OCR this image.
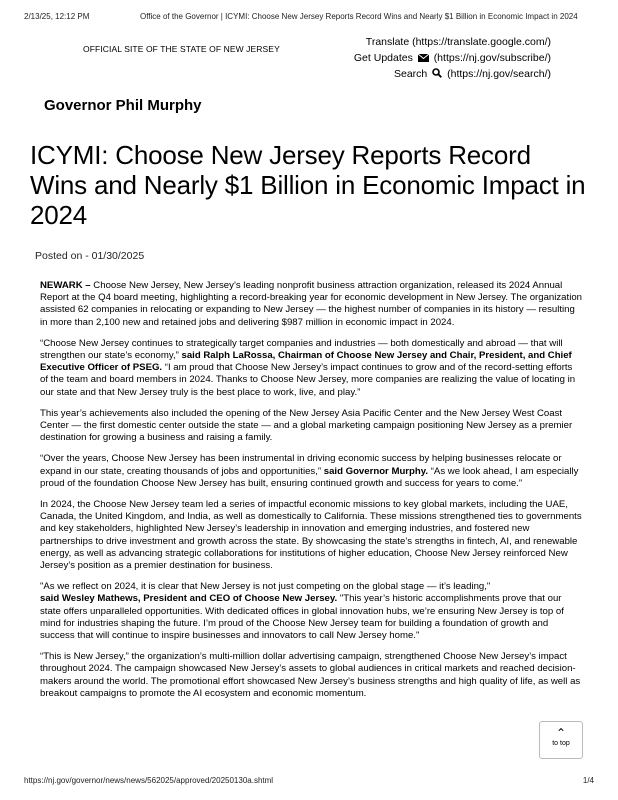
2/13/25, 12:12 PM	Office of the Governor | ICYMI: Choose New Jersey Reports Record Wins and Nearly $1 Billion in Economic Impact in 2024
OFFICIAL SITE OF THE STATE OF NEW JERSEY
Translate (https://translate.google.com/)
Get Updates (https://nj.gov/subscribe/)
Search (https://nj.gov/search/)
Governor Phil Murphy
ICYMI: Choose New Jersey Reports Record Wins and Nearly $1 Billion in Economic Impact in 2024
Posted on - 01/30/2025

NEWARK – Choose New Jersey, New Jersey’s leading nonprofit business attraction organization, released its 2024 Annual Report at the Q4 board meeting, highlighting a record-breaking year for economic development in New Jersey. The organization assisted 62 companies in relocating or expanding to New Jersey — the highest number of companies in its history — resulting in more than 2,100 new and retained jobs and delivering $987 million in economic impact in 2024.

“Choose New Jersey continues to strategically target companies and industries — both domestically and abroad — that will strengthen our state’s economy,” said Ralph LaRossa, Chairman of Choose New Jersey and Chair, President, and Chief Executive Officer of PSEG. “I am proud that Choose New Jersey’s impact continues to grow and of the record-setting efforts of the team and board members in 2024. Thanks to Choose New Jersey, more companies are realizing the value of locating in our state and that New Jersey truly is the best place to work, live, and play.”

This year’s achievements also included the opening of the New Jersey Asia Pacific Center and the New Jersey West Coast Center — the first domestic center outside the state — and a global marketing campaign positioning New Jersey as a premier destination for growing a business and raising a family.

“Over the years, Choose New Jersey has been instrumental in driving economic success by helping businesses relocate or expand in our state, creating thousands of jobs and opportunities,” said Governor Murphy. “As we look ahead, I am especially proud of the foundation Choose New Jersey has built, ensuring continued growth and success for years to come.”

In 2024, the Choose New Jersey team led a series of impactful economic missions to key global markets, including the UAE, Canada, the United Kingdom, and India, as well as domestically to California. These missions strengthened ties to governments and key stakeholders, highlighted New Jersey’s leadership in innovation and emerging industries, and fostered new partnerships to drive investment and growth across the state. By showcasing the state’s strengths in fintech, AI, and renewable energy, as well as advancing strategic collaborations for institutions of higher education, Choose New Jersey reinforced New Jersey’s position as a premier destination for business.

"As we reflect on 2024, it is clear that New Jersey is not just competing on the global stage — it’s leading,"
said Wesley Mathews, President and CEO of Choose New Jersey. "This year’s historic accomplishments prove that our state offers unparalleled opportunities. With dedicated offices in global innovation hubs, we’re ensuring New Jersey is top of mind for industries shaping the future. I’m proud of the Choose New Jersey team for building a foundation of growth and success that will continue to inspire businesses and innovators to call New Jersey home."

“This is New Jersey,” the organization’s multi-million dollar advertising campaign, strengthened Choose New Jersey’s impact throughout 2024. The campaign showcased New Jersey’s assets to global audiences in critical markets and reached decision-makers around the world. The promotional effort showcased New Jersey’s business strengths and high quality of life, as well as breakout campaigns to promote the AI ecosystem and economic momentum.

⌃
to top
https://nj.gov/governor/news/news/562025/approved/20250130a.shtml	1/4
